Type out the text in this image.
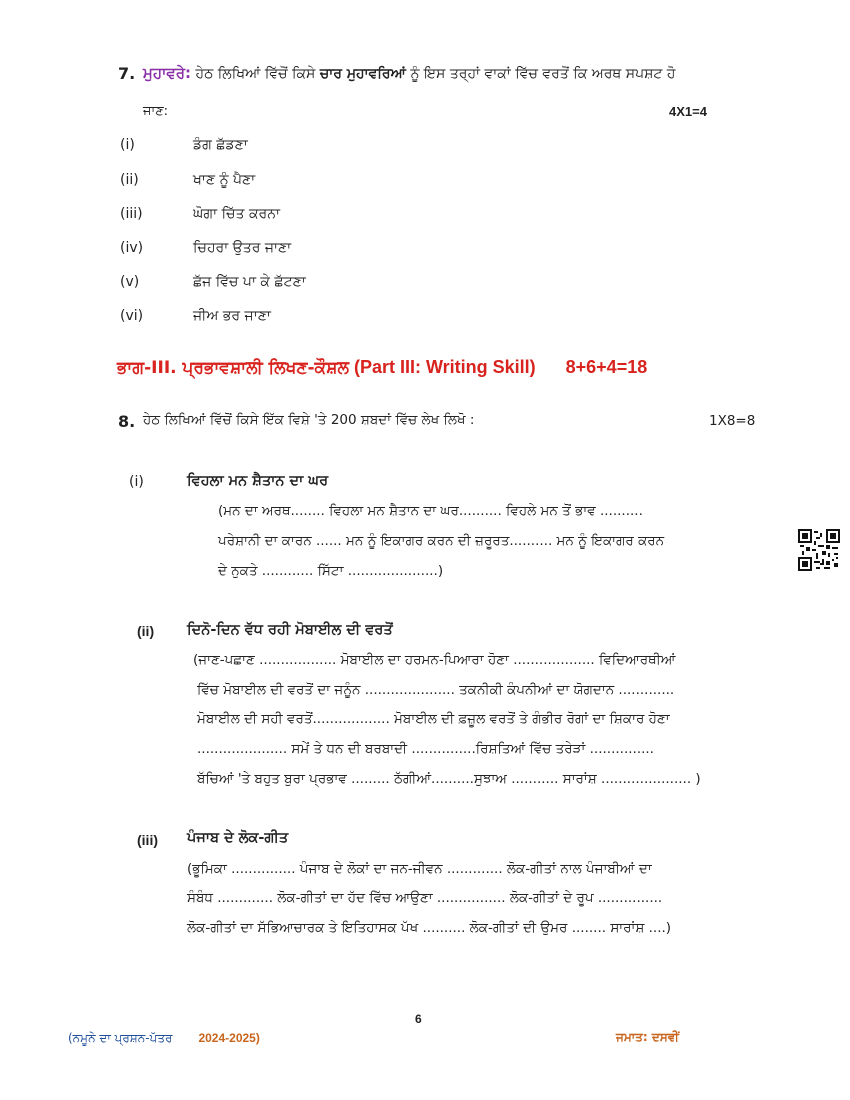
7. ਮੁਹਾਵਰੇ: ਹੇਠ ਲਿਖਿਆਂ ਵਿੱਚੋਂ ਕਿਸੇ ਚਾਰ ਮੁਹਾਵਰਿਆਂ ਨੂੰ ਇਸ ਤਰ੍ਹਾਂ ਵਾਕਾਂ ਵਿੱਚ ਵਰਤੋਂ ਕਿ ਅਰਥ ਸਪਸ਼ਟ ਹੋ
ਜਾਣ:	4X1=4
(i)	ਡੰਗ ਛੱਡਣਾ
(ii)	ਖਾਣ ਨੂੰ ਪੈਣਾ
(iii)	ਘੋਗਾ ਚਿੱਤ ਕਰਨਾ
(iv)	ਚਿਹਰਾ ਉਤਰ ਜਾਣਾ
(v)	ਛੱਜ ਵਿੱਚ ਪਾ ਕੇ ਛੱਟਣਾ
(vi)	ਜੀਅ ਭਰ ਜਾਣਾ
ਭਾਗ-III. ਪ੍ਰਭਾਵਸ਼ਾਲੀ ਲਿਖਣ-ਕੌਸ਼ਲ (Part III: Writing Skill) 8+6+4=18
8. ਹੇਠ ਲਿਖਿਆਂ ਵਿੱਚੋਂ ਕਿਸੇ ਇੱਕ ਵਿਸ਼ੇ 'ਤੇ 200 ਸ਼ਬਦਾਂ ਵਿੱਚ ਲੇਖ ਲਿਖੋ :	1X8=8
(i)	ਵਿਹਲਾ ਮਨ ਸ਼ੈਤਾਨ ਦਾ ਘਰ
(ਮਨ ਦਾ ਅਰਥ........ ਵਿਹਲਾ ਮਨ ਸ਼ੈਤਾਨ ਦਾ ਘਰ.......... ਵਿਹਲੇ ਮਨ ਤੋਂ ਭਾਵ ..........
ਪਰੇਸ਼ਾਨੀ ਦਾ ਕਾਰਨ ...... ਮਨ ਨੂੰ ਇਕਾਗਰ ਕਰਨ ਦੀ ਜ਼ਰੂਰਤ.......... ਮਨ ਨੂੰ ਇਕਾਗਰ ਕਰਨ
ਦੇ ਨੁਕਤੇ ............ ਸਿੱਟਾ .....................)
(ii) ਦਿਨੋ-ਦਿਨ ਵੱਧ ਰਹੀ ਮੋਬਾਈਲ ਦੀ ਵਰਤੋਂ
(ਜਾਣ-ਪਛਾਣ .................. ਮੋਬਾਈਲ ਦਾ ਹਰਮਨ-ਪਿਆਰਾ ਹੋਣਾ ................... ਵਿਦਿਆਰਥੀਆਂ
ਵਿੱਚ ਮੋਬਾਈਲ ਦੀ ਵਰਤੋਂ ਦਾ ਜਨੂੰਨ ..................... ਤਕਨੀਕੀ ਕੰਪਨੀਆਂ ਦਾ ਯੋਗਦਾਨ .............
ਮੋਬਾਈਲ ਦੀ ਸਹੀ ਵਰਤੋਂ.................. ਮੋਬਾਈਲ ਦੀ ਫ਼ਜ਼ੂਲ ਵਰਤੋਂ ਤੇ ਗੰਭੀਰ ਰੋਗਾਂ ਦਾ ਸ਼ਿਕਾਰ ਹੋਣਾ
..................... ਸਮੇਂ ਤੇ ਧਨ ਦੀ ਬਰਬਾਦੀ ...............ਰਿਸ਼ਤਿਆਂ ਵਿੱਚ ਤਰੇੜਾਂ ...............
ਬੱਚਿਆਂ 'ਤੇ ਬਹੁਤ ਬੁਰਾ ਪ੍ਰਭਾਵ ......... ਠੱਗੀਆਂ..........ਸੁਝਾਅ ........... ਸਾਰਾਂਸ਼ ..................... )
(iii) ਪੰਜਾਬ ਦੇ ਲੋਕ-ਗੀਤ
(ਭੂਮਿਕਾ ............... ਪੰਜਾਬ ਦੇ ਲੋਕਾਂ ਦਾ ਜਨ-ਜੀਵਨ ............. ਲੋਕ-ਗੀਤਾਂ ਨਾਲ ਪੰਜਾਬੀਆਂ ਦਾ
ਸੰਬੰਧ ............. ਲੋਕ-ਗੀਤਾਂ ਦਾ ਹੱਦ ਵਿੱਚ ਆਉਣਾ ................ ਲੋਕ-ਗੀਤਾਂ ਦੇ ਰੂਪ ...............
ਲੋਕ-ਗੀਤਾਂ ਦਾ ਸੱਭਿਆਚਾਰਕ ਤੇ ਇਤਿਹਾਸਕ ਪੱਖ .......... ਲੋਕ-ਗੀਤਾਂ ਦੀ ਉਮਰ ........ ਸਾਰਾਂਸ਼ ....)
6
(ਨਮੂਨੇ ਦਾ ਪ੍ਰਸ਼ਨ-ਪੱਤਰ 2024-2025)	ਜਮਾਤ: ਦਸਵੀਂ
